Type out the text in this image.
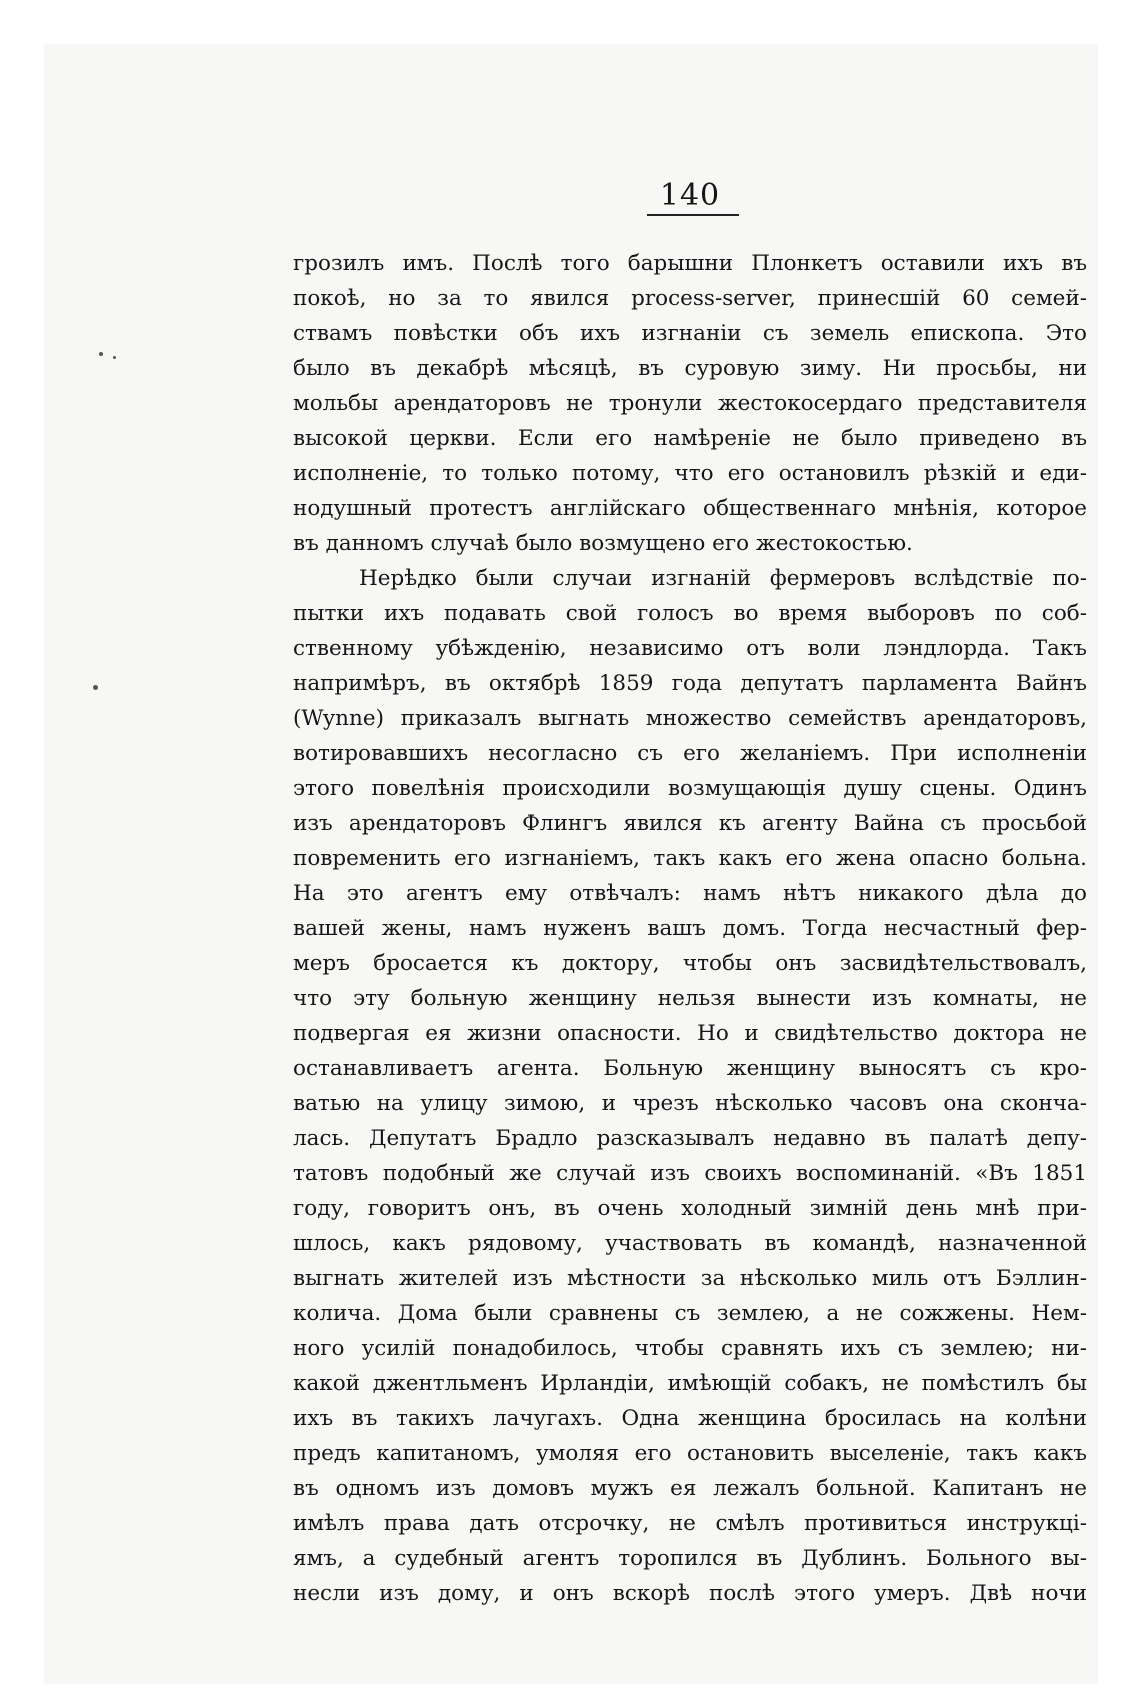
140
грозилъ имъ. Послѣ того барышни Плонкетъ оставили ихъ въ
покоѣ, но за то явился process-server, принесшій 60 семей-
ствамъ повѣстки объ ихъ изгнаніи съ земель епископа. Это
было въ декабрѣ мѣсяцѣ, въ суровую зиму. Ни просьбы, ни
мольбы арендаторовъ не тронули жестокосердаго представителя
высокой церкви. Если его намѣреніе не было приведено въ
исполненіе, то только потому, что его остановилъ рѣзкій и еди-
нодушный протестъ англійскаго общественнаго мнѣнія, которое
въ данномъ случаѣ было возмущено его жестокостью.
Нерѣдко были случаи изгнаній фермеровъ вслѣдствіе по-
пытки ихъ подавать свой голосъ во время выборовъ по соб-
ственному убѣжденію, независимо отъ воли лэндлорда. Такъ
напримѣръ, въ октябрѣ 1859 года депутатъ парламента Вайнъ
(Wynne) приказалъ выгнать множество семействъ арендаторовъ,
вотировавшихъ несогласно съ его желаніемъ. При исполненіи
этого повелѣнія происходили возмущающія душу сцены. Одинъ
изъ арендаторовъ Флингъ явился къ агенту Вайна съ просьбой
повременить его изгнаніемъ, такъ какъ его жена опасно больна.
На это агентъ ему отвѣчалъ: намъ нѣтъ никакого дѣла до
вашей жены, намъ нуженъ вашъ домъ. Тогда несчастный фер-
меръ бросается къ доктору, чтобы онъ засвидѣтельствовалъ,
что эту больную женщину нельзя вынести изъ комнаты, не
подвергая ея жизни опасности. Но и свидѣтельство доктора не
останавливаетъ агента. Больную женщину выносятъ съ кро-
ватью на улицу зимою, и чрезъ нѣсколько часовъ она скончa-
лась. Депутатъ Брадло разсказывалъ недавно въ палатѣ депу-
татовъ подобный же случай изъ своихъ воспоминаній. «Въ 1851
году, говоритъ онъ, въ очень холодный зимній день мнѣ при-
шлось, какъ рядовому, участвовать въ командѣ, назначенной
выгнать жителей изъ мѣстности за нѣсколько миль отъ Бэллин-
колича. Дома были сравнены съ землею, а не сожжены. Нем-
ного усилій понадобилось, чтобы сравнять ихъ съ землею; ни-
какой джентльменъ Ирландіи, имѣющій собакъ, не помѣстилъ бы
ихъ въ такихъ лачугахъ. Одна женщина бросилась на колѣни
предъ капитаномъ, умоляя его остановить выселеніе, такъ какъ
въ одномъ изъ домовъ мужъ ея лежалъ больной. Капитанъ не
имѣлъ права дать отсрочку, не смѣлъ противиться инструкці-
ямъ, а судебный агентъ торопился въ Дублинъ. Больного вы-
несли изъ дому, и онъ вскорѣ послѣ этого умеръ. Двѣ ночи
